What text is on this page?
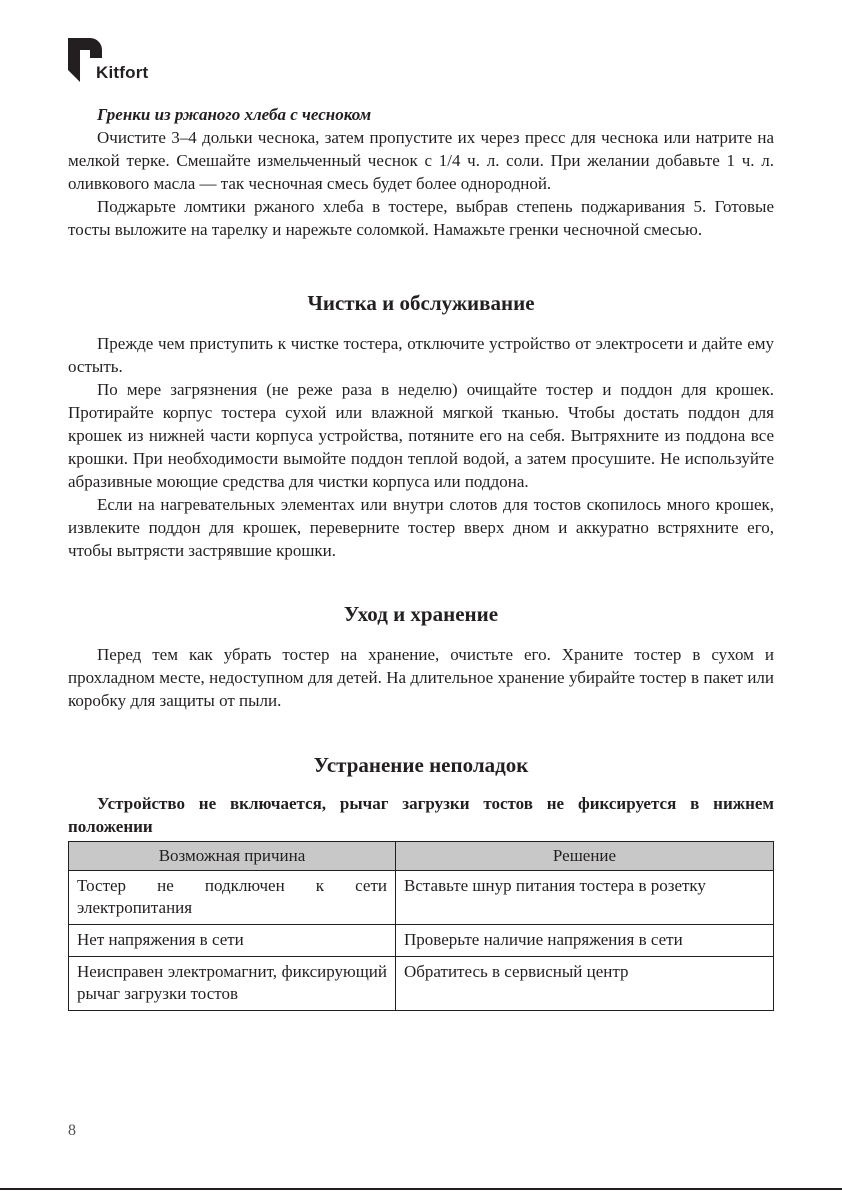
Kitfort

Гренки из ржаного хлеба с чесноком

Очистите 3–4 дольки чеснока, затем пропустите их через пресс для чеснока или натрите на мелкой терке. Смешайте измельченный чеснок с 1/4 ч. л. соли. При желании добавьте 1 ч. л. оливкового масла — так чесночная смесь будет более однородной.

Поджарьте ломтики ржаного хлеба в тостере, выбрав степень поджаривания 5. Готовые тосты выложите на тарелку и нарежьте соломкой. Намажьте гренки чесночной смесью.

Чистка и обслуживание

Прежде чем приступить к чистке тостера, отключите устройство от электросети и дайте ему остыть.

По мере загрязнения (не реже раза в неделю) очищайте тостер и поддон для крошек. Протирайте корпус тостера сухой или влажной мягкой тканью. Чтобы достать поддон для крошек из нижней части корпуса устройства, потяните его на себя. Вытряхните из поддона все крошки. При необходимости вымойте поддон теплой водой, а затем просушите. Не используйте абразивные моющие средства для чистки корпуса или поддона.

Если на нагревательных элементах или внутри слотов для тостов скопилось много крошек, извлеките поддон для крошек, переверните тостер вверх дном и аккуратно встряхните его, чтобы вытрясти застрявшие крошки.

Уход и хранение

Перед тем как убрать тостер на хранение, очистьте его. Храните тостер в сухом и прохладном месте, недоступном для детей. На длительное хранение убирайте тостер в пакет или коробку для защиты от пыли.

Устранение неполадок

Устройство не включается, рычаг загрузки тостов не фиксируется в нижнем положении

Возможная причина	Решение
Тостер не подключен к сети электропитания	Вставьте шнур питания тостера в розетку
Нет напряжения в сети	Проверьте наличие напряжения в сети
Неисправен электромагнит, фиксирующий рычаг загрузки тостов	Обратитесь в сервисный центр
8
